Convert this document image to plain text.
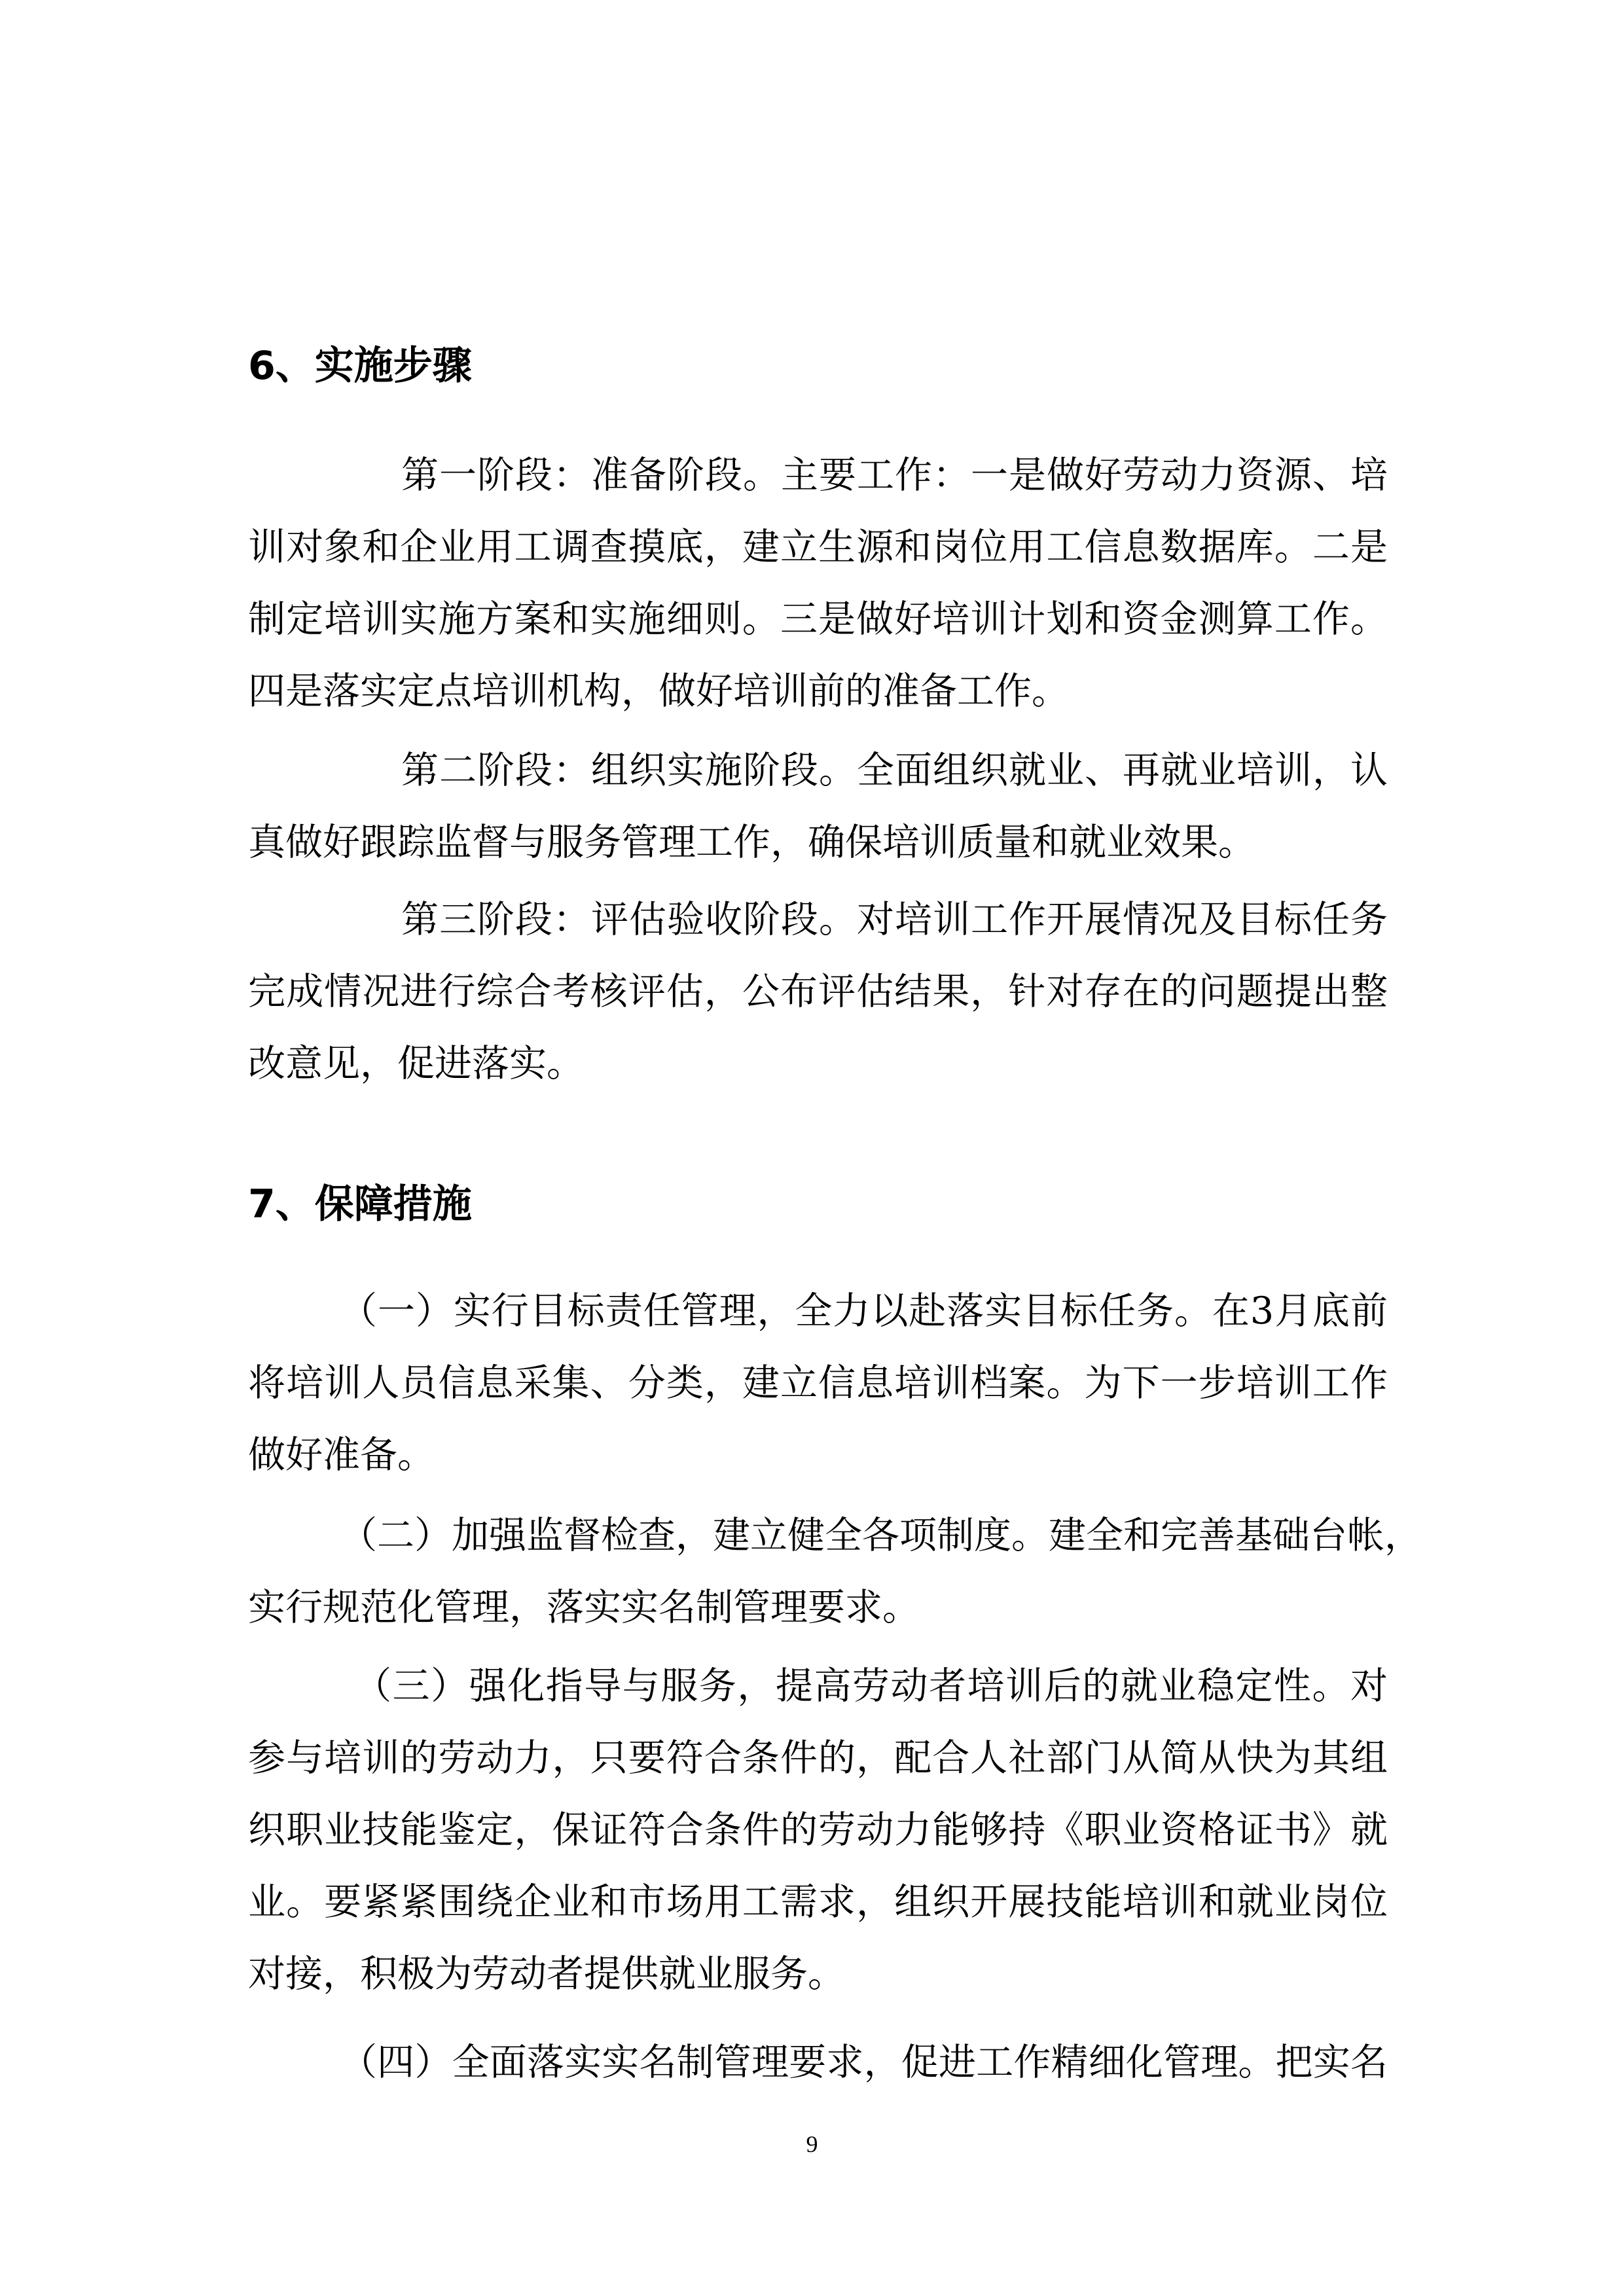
6、实施步骤
第一阶段：准备阶段。主要工作：一是做好劳动力资源、培
训对象和企业用工调查摸底，建立生源和岗位用工信息数据库。二是
制定培训实施方案和实施细则。三是做好培训计划和资金测算工作。
四是落实定点培训机构，做好培训前的准备工作。
第二阶段：组织实施阶段。全面组织就业、再就业培训，认
真做好跟踪监督与服务管理工作，确保培训质量和就业效果。
第三阶段：评估验收阶段。对培训工作开展情况及目标任务
完成情况进行综合考核评估，公布评估结果，针对存在的问题提出整
改意见，促进落实。
7、保障措施
（一）实行目标责任管理，全力以赴落实目标任务。在3月底前
将培训人员信息采集、分类，建立信息培训档案。为下一步培训工作
做好准备。
（二）加强监督检查，建立健全各项制度。建全和完善基础台帐，
实行规范化管理，落实实名制管理要求。
（三）强化指导与服务，提高劳动者培训后的就业稳定性。对
参与培训的劳动力，只要符合条件的，配合人社部门从简从快为其组
织职业技能鉴定，保证符合条件的劳动力能够持《职业资格证书》就
业。要紧紧围绕企业和市场用工需求，组织开展技能培训和就业岗位
对接，积极为劳动者提供就业服务。
（四）全面落实实名制管理要求，促进工作精细化管理。把实名
9
